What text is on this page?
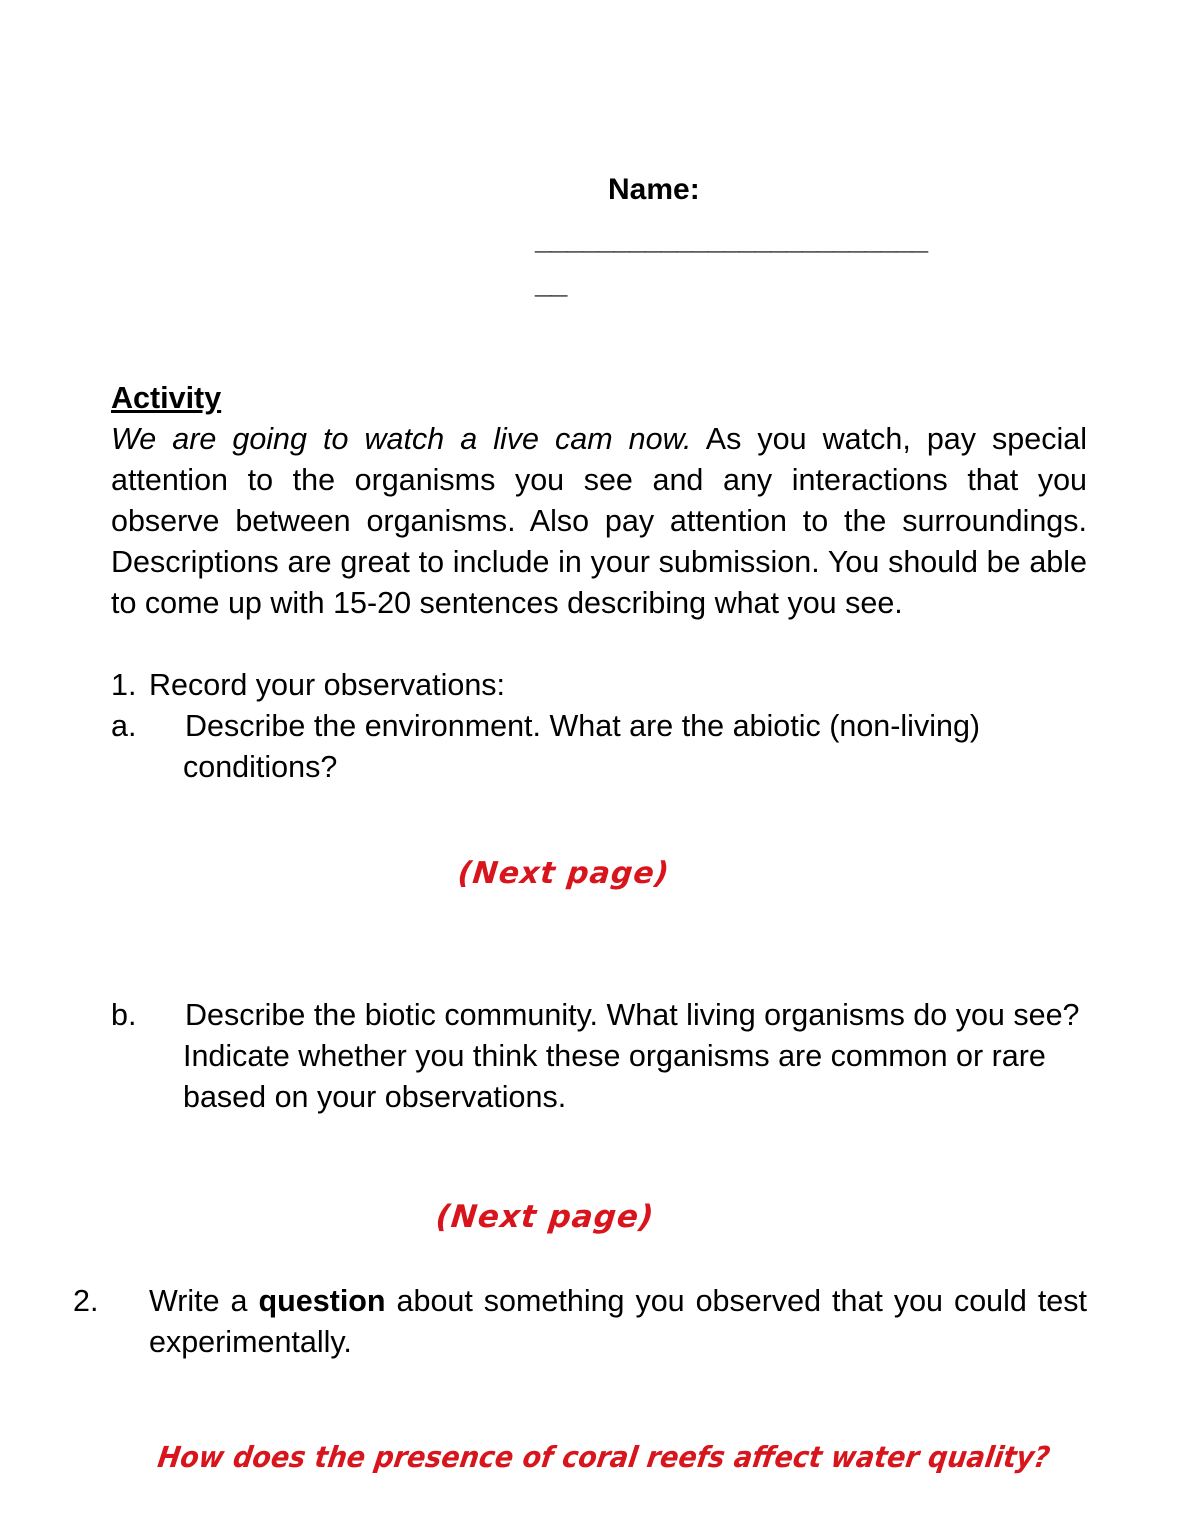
Name:
_________________________
__
Activity

We are going to watch a live cam now. As you watch, pay special attention to the organisms you see and any interactions that you observe between organisms. Also pay attention to the surroundings. Descriptions are great to include in your submission. You should be able to come up with 15-20 sentences describing what you see.

1. Record your observations:

a. Describe the environment. What are the abiotic (non-living) conditions?

b. Describe the biotic community. What living organisms do you see? Indicate whether you think these organisms are common or rare based on your observations.

2. Write a question about something you observed that you could test experimentally.
(Next page)
(Next page)
How does the presence of coral reefs affect water quality?
